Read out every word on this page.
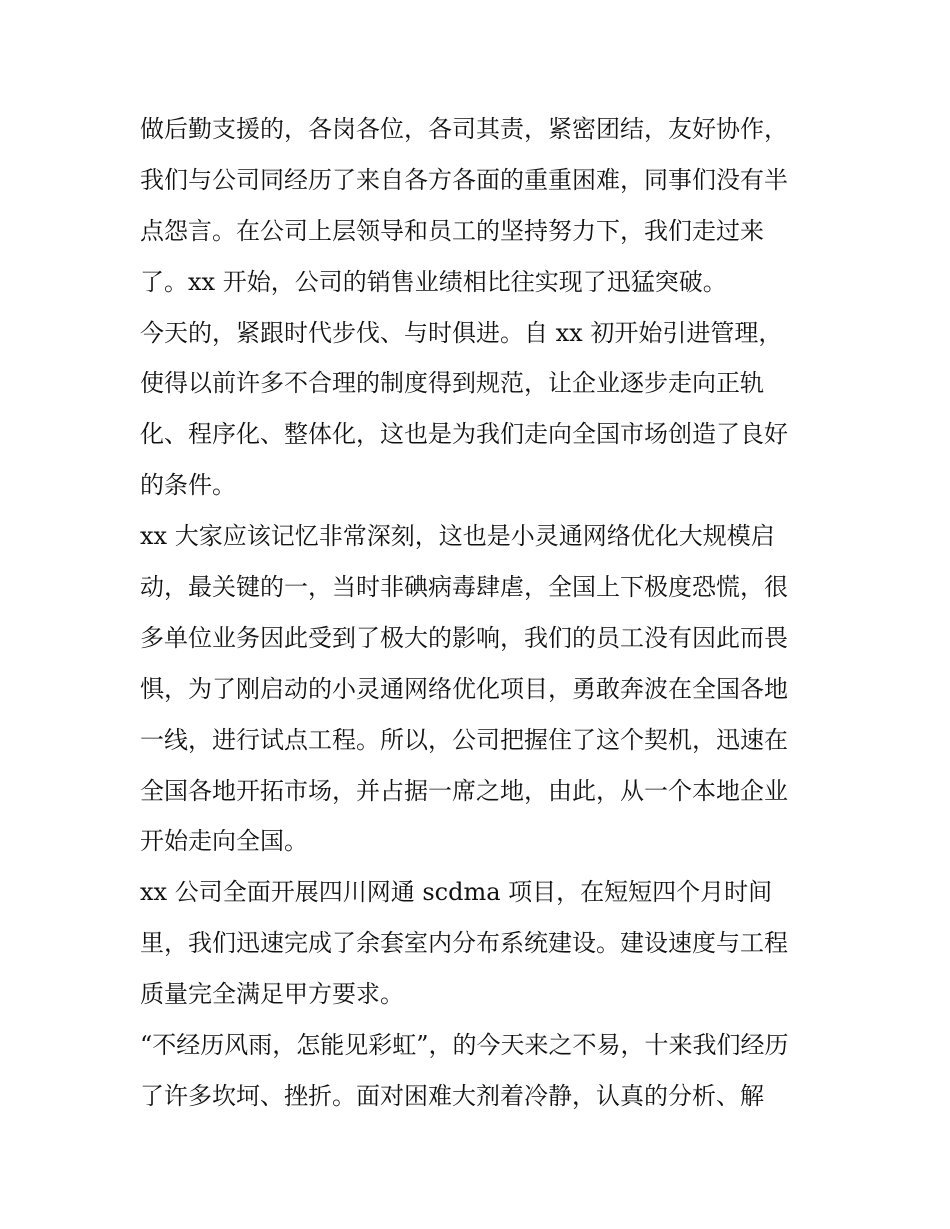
做后勤支援的，各岗各位，各司其责，紧密团结，友好协作，
我们与公司同经历了来自各方各面的重重困难，同事们没有半
点怨言。在公司上层领导和员工的坚持努力下，我们走过来
了。xx 开始，公司的销售业绩相比往实现了迅猛突破。
今天的，紧跟时代步伐、与时俱进。自 xx 初开始引进管理，
使得以前许多不合理的制度得到规范，让企业逐步走向正轨
化、程序化、整体化，这也是为我们走向全国市场创造了良好
的条件。
xx 大家应该记忆非常深刻，这也是小灵通网络优化大规模启
动，最关键的一，当时非碘病毒肆虐，全国上下极度恐慌，很
多单位业务因此受到了极大的影响，我们的员工没有因此而畏
惧，为了刚启动的小灵通网络优化项目，勇敢奔波在全国各地
一线，进行试点工程。所以，公司把握住了这个契机，迅速在
全国各地开拓市场，并占据一席之地，由此，从一个本地企业
开始走向全国。
xx 公司全面开展四川网通 scdma 项目，在短短四个月时间
里，我们迅速完成了余套室内分布系统建设。建设速度与工程
质量完全满足甲方要求。
“不经历风雨，怎能见彩虹”，的今天来之不易，十来我们经历
了许多坎坷、挫折。面对困难大剂着冷静，认真的分析、解
